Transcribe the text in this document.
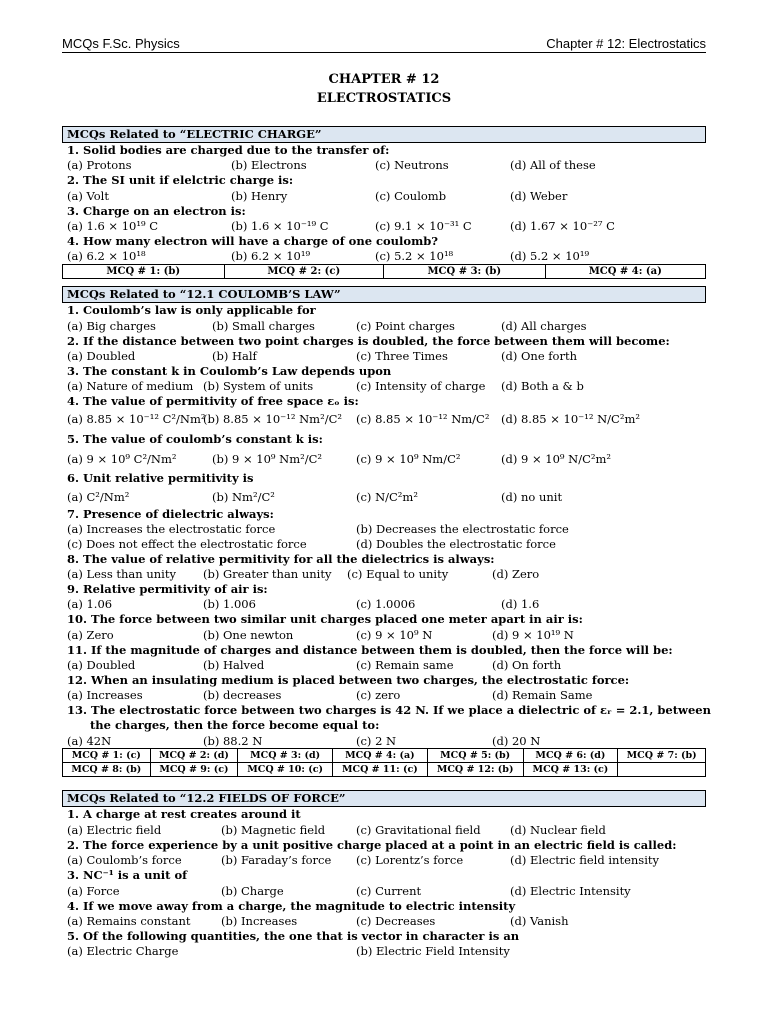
MCQs F.Sc. Physics	Chapter # 12: Electrostatics
CHAPTER # 12
ELECTROSTATICS
MCQs Related to “ELECTRIC CHARGE”
1. Solid bodies are charged due to the transfer of:
(a) Protons	(b) Electrons	(c) Neutrons	(d) All of these
2. The SI unit if elelctric charge is:
(a) Volt	(b) Henry	(c) Coulomb	(d) Weber
3. Charge on an electron is:
(a) 1.6 × 10¹⁹ C	(b) 1.6 × 10⁻¹⁹ C	(c) 9.1 × 10⁻³¹ C	(d) 1.67 × 10⁻²⁷ C
4. How many electron will have a charge of one coulomb?
(a) 6.2 × 10¹⁸	(b) 6.2 × 10¹⁹	(c) 5.2 × 10¹⁸	(d) 5.2 × 10¹⁹
MCQ # 1: (b)	MCQ # 2: (c)	MCQ # 3: (b)	MCQ # 4: (a)
MCQs Related to “12.1 COULOMB’S LAW”
1. Coulomb’s law is only applicable for
(a) Big charges	(b) Small charges	(c) Point charges	(d) All charges
2. If the distance between two point charges is doubled, the force between them will become:
(a) Doubled	(b) Half	(c) Three Times	(d) One forth
3. The constant k in Coulomb’s Law depends upon
(a) Nature of medium (b) System of units	(c) Intensity of charge (d) Both a & b
4. The value of permitivity of free space εₒ is:
(a) 8.85 × 10⁻¹² C²/Nm²
(b) 8.85 × 10⁻¹² Nm²/C² (c) 8.85 × 10⁻¹² Nm/C² (d) 8.85 × 10⁻¹² N/C²m²
5. The value of coulomb’s constant k is:
(a) 9 × 10⁹ C²/Nm²	(b) 9 × 10⁹ Nm²/C²	(c) 9 × 10⁹ Nm/C²	(d) 9 × 10⁹ N/C²m²
6. Unit relative permitivity is
(a) C²/Nm²	(b) Nm²/C²	(c) N/C²m²	(d) no unit
7. Presence of dielectric always:
(a) Increases the electrostatic force	(b) Decreases the electrostatic force
(c) Does not effect the electrostatic force	(d) Doubles the electrostatic force
8. The value of relative permitivity for all the dielectrics is always:
(a) Less than unity (b) Greater than unity (c) Equal to unity	(d) Zero
9. Relative permitivity of air is:
(a) 1.06	(b) 1.006	(c) 1.0006	(d) 1.6
10. The force between two similar unit charges placed one meter apart in air is:
(a) Zero	(b) One newton	(c) 9 × 10⁹ N	(d) 9 × 10¹⁹ N
11. If the magnitude of charges and distance between them is doubled, then the force will be:
(a) Doubled	(b) Halved	(c) Remain same	(d) On forth
12. When an insulating medium is placed between two charges, the electrostatic force:
(a) Increases	(b) decreases	(c) zero	(d) Remain Same
13. The electrostatic force between two charges is 42 N. If we place a dielectric of εᵣ = 2.1, between
the charges, then the force become equal to:
(a) 42N	(b) 88.2 N	(c) 2 N	(d) 20 N
MCQ # 1: (c)	MCQ # 2: (d)	MCQ # 3: (d)	MCQ # 4: (a)	MCQ # 5: (b)	MCQ # 6: (d)	MCQ # 7: (b)
MCQ # 8: (b)	MCQ # 9: (c)	MCQ # 10: (c)	MCQ # 11: (c)	MCQ # 12: (b)	MCQ # 13: (c)	
MCQs Related to “12.2 FIELDS OF FORCE”
1. A charge at rest creates around it
(a) Electric field	(b) Magnetic field	(c) Gravitational field	(d) Nuclear field
2. The force experience by a unit positive charge placed at a point in an electric field is called:
(a) Coulomb’s force	(b) Faraday’s force (c) Lorentz’s force	(d) Electric field intensity
3. NC⁻¹ is a unit of
(a) Force	(b) Charge	(c) Current	(d) Electric Intensity
4. If we move away from a charge, the magnitude to electric intensity
(a) Remains constant	(b) Increases	(c) Decreases	(d) Vanish
5. Of the following quantities, the one that is vector in character is an
(a) Electric Charge	(b) Electric Field Intensity
